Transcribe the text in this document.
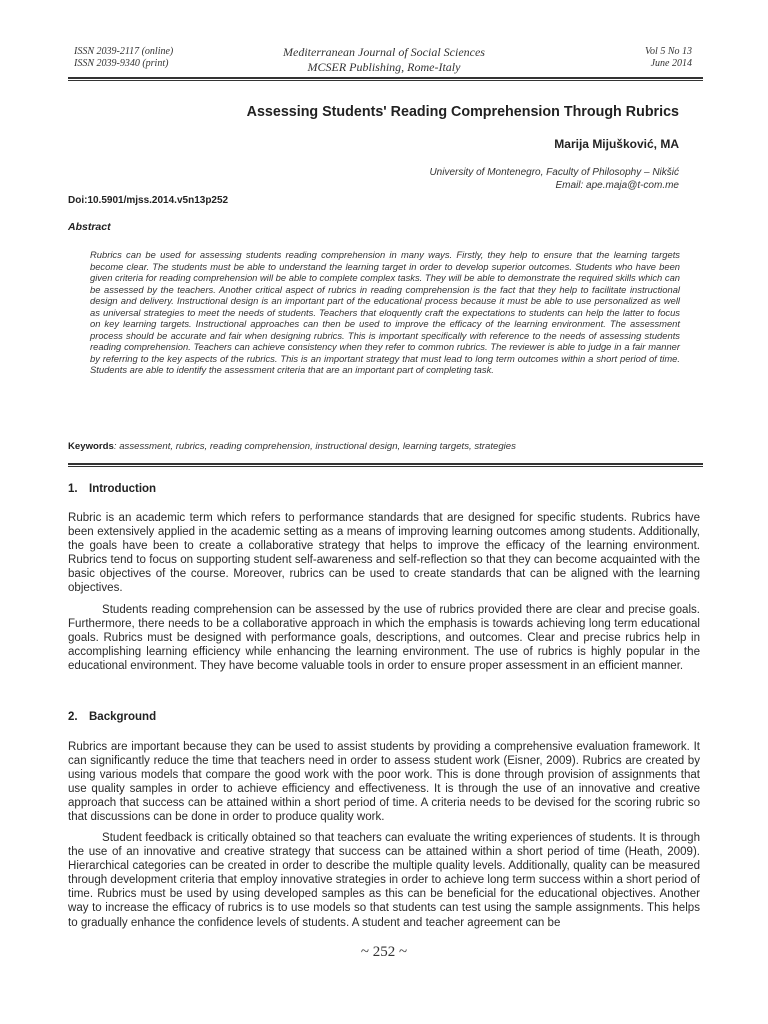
ISSN 2039-2117 (online)
ISSN 2039-9340 (print)
Mediterranean Journal of Social Sciences
MCSER Publishing, Rome-Italy
Vol 5 No 13
June 2014
Assessing Students' Reading Comprehension Through Rubrics
Marija Mijušković, MA
University of Montenegro, Faculty of Philosophy – Nikšić
Email: ape.maja@t-com.me
Doi:10.5901/mjss.2014.v5n13p252
Abstract

Rubrics can be used for assessing students reading comprehension in many ways. Firstly, they help to ensure that the learning targets become clear. The students must be able to understand the learning target in order to develop superior outcomes. Students who have been given criteria for reading comprehension will be able to complete complex tasks. They will be able to demonstrate the required skills which can be assessed by the teachers. Another critical aspect of rubrics in reading comprehension is the fact that they help to facilitate instructional design and delivery. Instructional design is an important part of the educational process because it must be able to use personalized as well as universal strategies to meet the needs of students. Teachers that eloquently craft the expectations to students can help the latter to focus on key learning targets. Instructional approaches can then be used to improve the efficacy of the learning environment. The assessment process should be accurate and fair when designing rubrics. This is important specifically with reference to the needs of assessing students reading comprehension. Teachers can achieve consistency when they refer to common rubrics. The reviewer is able to judge in a fair manner by referring to the key aspects of the rubrics. This is an important strategy that must lead to long term outcomes within a short period of time. Students are able to identify the assessment criteria that are an important part of completing task.

Keywords: assessment, rubrics, reading comprehension, instructional design, learning targets, strategies
1. Introduction

Rubric is an academic term which refers to performance standards that are designed for specific students. Rubrics have been extensively applied in the academic setting as a means of improving learning outcomes among students. Additionally, the goals have been to create a collaborative strategy that helps to improve the efficacy of the learning environment. Rubrics tend to focus on supporting student self-awareness and self-reflection so that they can become acquainted with the basic objectives of the course. Moreover, rubrics can be used to create standards that can be aligned with the learning objectives.

Students reading comprehension can be assessed by the use of rubrics provided there are clear and precise goals. Furthermore, there needs to be a collaborative approach in which the emphasis is towards achieving long term educational goals. Rubrics must be designed with performance goals, descriptions, and outcomes. Clear and precise rubrics help in accomplishing learning efficiency while enhancing the learning environment. The use of rubrics is highly popular in the educational environment. They have become valuable tools in order to ensure proper assessment in an efficient manner.

2. Background

Rubrics are important because they can be used to assist students by providing a comprehensive evaluation framework. It can significantly reduce the time that teachers need in order to assess student work (Eisner, 2009). Rubrics are created by using various models that compare the good work with the poor work. This is done through provision of assignments that use quality samples in order to achieve efficiency and effectiveness. It is through the use of an innovative and creative approach that success can be attained within a short period of time. A criteria needs to be devised for the scoring rubric so that discussions can be done in order to produce quality work.

Student feedback is critically obtained so that teachers can evaluate the writing experiences of students. It is through the use of an innovative and creative strategy that success can be attained within a short period of time (Heath, 2009). Hierarchical categories can be created in order to describe the multiple quality levels. Additionally, quality can be measured through development criteria that employ innovative strategies in order to achieve long term success within a short period of time. Rubrics must be used by using developed samples as this can be beneficial for the educational objectives. Another way to increase the efficacy of rubrics is to use models so that students can test using the sample assignments. This helps to gradually enhance the confidence levels of students. A student and teacher agreement can be

~ 252 ~
